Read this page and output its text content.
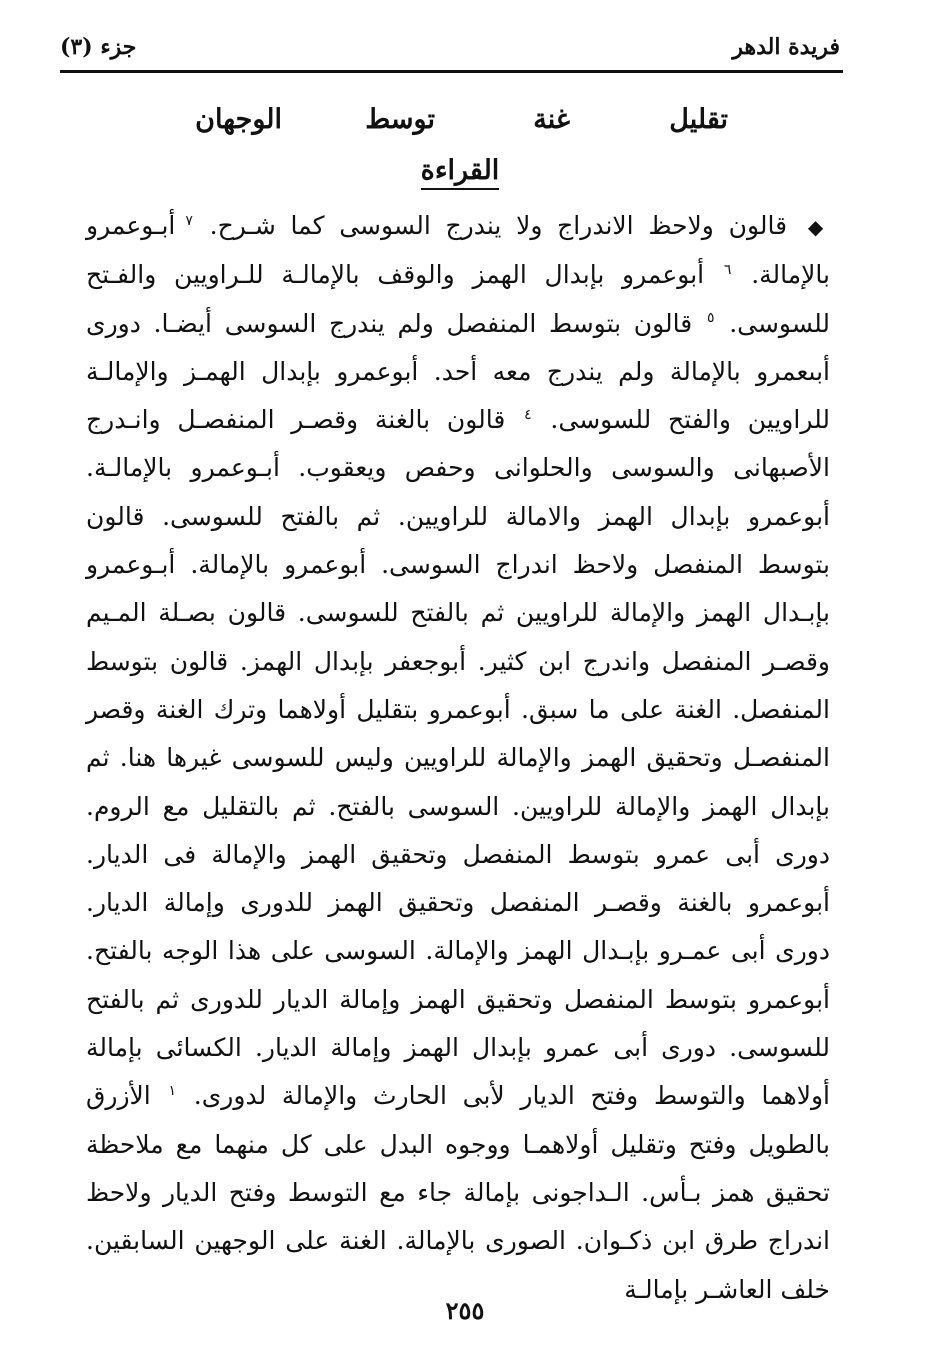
فريدة الدهر
جزء (٣)
تقليل
غنة
توسط
الوجهان
القراءة

◆ قالون ولاحظ الاندراج ولا يندرج السوسى كما شـرح. $^٧$ أبـوعمرو بالإمالة. $^٦$ أبوعمرو بإبدال الهمز والوقف بالإمالـة للـراويين والفـتح للسوسى. $^٥$ قالون بتوسط المنفصل ولم يندرج السوسى أيضـا. دورى أبىعمرو بالإمالة ولم يندرج معه أحد. أبوعمرو بإبدال الهمـز والإمالـة للراويين والفتح للسوسى. $^٤$ قالون بالغنة وقصـر المنفصـل وانـدرج الأصبهانى والسوسى والحلوانى وحفص ويعقوب. أبـوعمرو بالإمالـة. أبوعمرو بإبدال الهمز والامالة للراويين. ثم بالفتح للسوسى. قالون بتوسط المنفصل ولاحظ اندراج السوسى. أبوعمرو بالإمالة. أبـوعمرو بإبـدال الهمز والإمالة للراويين ثم بالفتح للسوسى. قالون بصـلة المـيم وقصـر المنفصل واندرج ابن كثير. أبوجعفر بإبدال الهمز. قالون بتوسط المنفصل. الغنة على ما سبق. أبوعمرو بتقليل أولاهما وترك الغنة وقصر المنفصـل وتحقيق الهمز والإمالة للراويين وليس للسوسى غيرها هنا. ثم بإبدال الهمز والإمالة للراويين. السوسى بالفتح. ثم بالتقليل مع الروم. دورى أبى عمرو بتوسط المنفصل وتحقيق الهمز والإمالة فى الديار. أبوعمرو بالغنة وقصـر المنفصل وتحقيق الهمز للدورى وإمالة الديار. دورى أبى عمـرو بإبـدال الهمز والإمالة. السوسى على هذا الوجه بالفتح. أبوعمرو بتوسط المنفصل وتحقيق الهمز وإمالة الديار للدورى ثم بالفتح للسوسى. دورى أبى عمرو بإبدال الهمز وإمالة الديار. الكسائى بإمالة أولاهما والتوسط وفتح الديار لأبى الحارث والإمالة لدورى. $^١$ الأزرق بالطويل وفتح وتقليل أولاهمـا ووجوه البدل على كل منهما مع ملاحظة تحقيق همز بـأس. الـداجونى بإمالة جاء مع التوسط وفتح الديار ولاحظ اندراج طرق ابن ذكـوان. الصورى بالإمالة. الغنة على الوجهين السابقين. خلف العاشـر بإمالـة

٢٥٥
